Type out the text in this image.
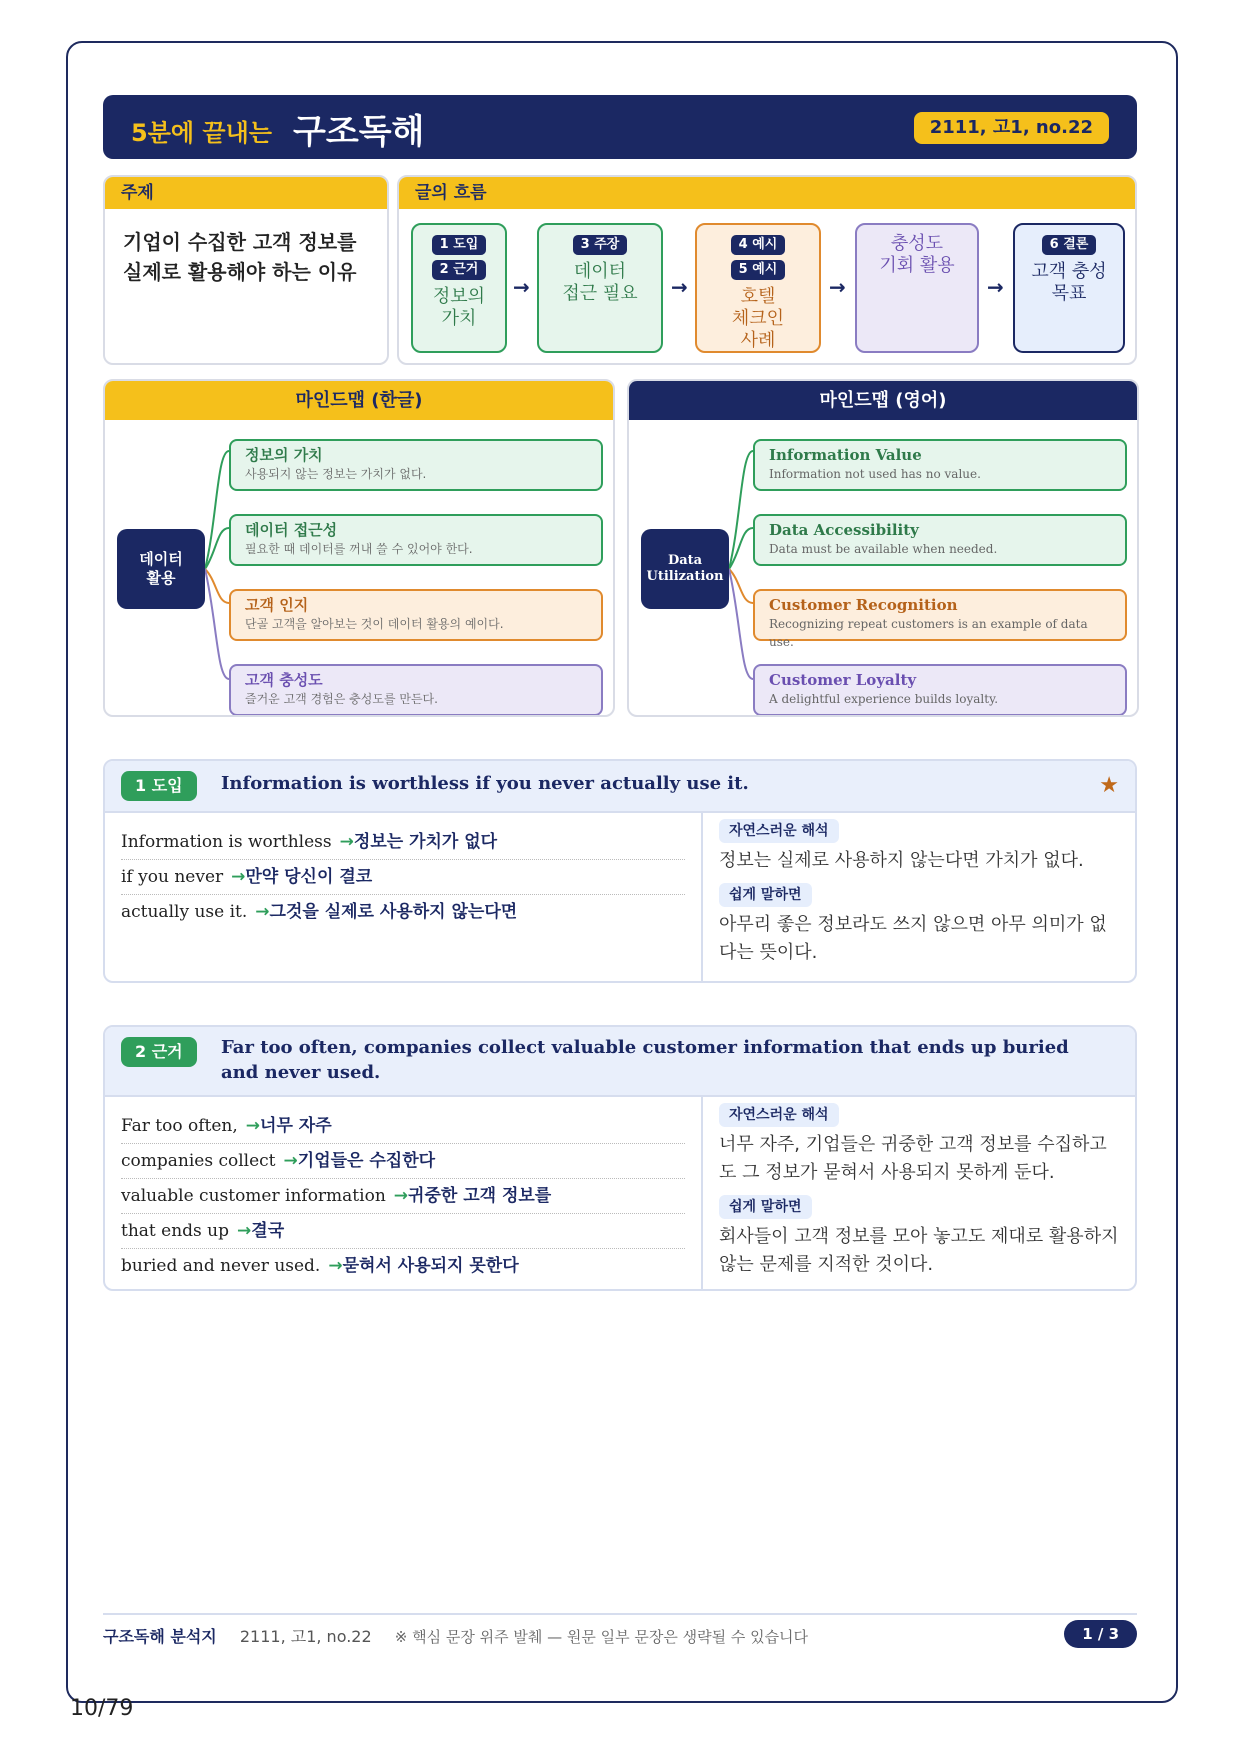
5분에 끝내는 구조독해	2111, 고1, no.22
주제
기업이 수집한 고객 정보를
실제로 활용해야 하는 이유
글의 흐름
1 도입
2 근거
정보의
가치
→
3 주장
데이터
접근 필요	→
4 예시
5 예시
호텔
체크인
사례
→
충성도
기회 활용
→
6 결론
고객 충성
목표
마인드맵 (한글)
데이터
활용
정보의 가치
사용되지 않는 정보는 가치가 없다.
데이터 접근성
필요한 때 데이터를 꺼내 쓸 수 있어야 한다.
고객 인지
단골 고객을 알아보는 것이 데이터 활용의 예이다.
고객 충성도
즐거운 고객 경험은 충성도를 만든다.
마인드맵 (영어)
Data
Utilization
Information Value
Information not used has no value.
Data Accessibility
Data must be available when needed.
Customer Recognition
Recognizing repeat customers is an example of data use.
Customer Loyalty
A delightful experience builds loyalty.
1 도입	Information is worthless if you never actually use it.	★
Information is worthless →정보는 가치가 없다
if you never →만약 당신이 결코
actually use it. →그것을 실제로 사용하지 않는다면
자연스러운 해석
정보는 실제로 사용하지 않는다면 가치가 없다.
쉽게 말하면
아무리 좋은 정보라도 쓰지 않으면 아무 의미가 없다는 뜻이다.
2 근거	Far too often, companies collect valuable customer information that ends up buried and never used.
Far too often, →너무 자주
companies collect →기업들은 수집한다
valuable customer information →귀중한 고객 정보를
that ends up →결국
buried and never used. →묻혀서 사용되지 못한다
자연스러운 해석
너무 자주, 기업들은 귀중한 고객 정보를 수집하고도 그 정보가 묻혀서 사용되지 못하게 둔다.
쉽게 말하면
회사들이 고객 정보를 모아 놓고도 제대로 활용하지 않는 문제를 지적한 것이다.
구조독해 분석지 2111, 고1, no.22 ※ 핵심 문장 위주 발췌 — 원문 일부 문장은 생략될 수 있습니다	1 / 3
10/79
